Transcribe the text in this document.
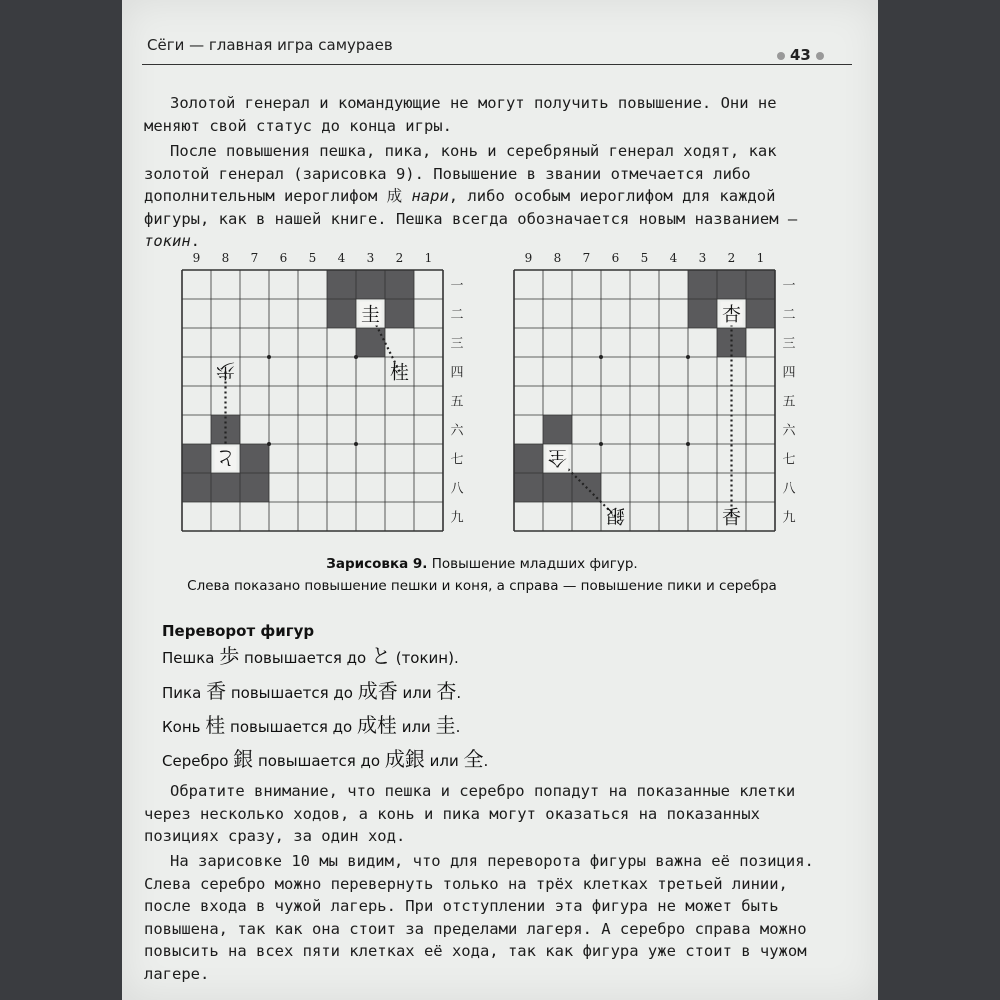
Сёги — главная игра самураев
43

Золотой генерал и командующие не могут получить повышение. Они не меняют свой статус до конца игры.

После повышения пешка, пика, конь и серебряный генерал ходят, как золотой генерал (зарисовка 9). Повышение в звании отмечается либо дополнительным иероглифом 成 нари, либо особым иероглифом для каждой фигуры, как в нашей книге. Пешка всегда обозначается новым названием — токин.

9 8 7 6 5 4 3 2 1
一
二
三
四
五
六
七
八
九
圭
桂
と
歩
9 8 7 6 5 4 3 2 1
一
二
三
四
五
六
七
八
九
杏
香
全
銀
Зарисовка 9. Повышение младших фигур.
Слева показано повышение пешки и коня, а справа — повышение пики и серебра
Переворот фигур
Пешка 歩 повышается до と (токин).
Пика 香 повышается до 成香 или 杏.
Конь 桂 повышается до 成桂 или 圭.
Серебро 銀 повышается до 成銀 или 全.

Обратите внимание, что пешка и серебро попадут на показанные клетки через несколько ходов, а конь и пика могут оказаться на показанных позициях сразу, за один ход.

На зарисовке 10 мы видим, что для переворота фигуры важна её позиция. Слева серебро можно перевернуть только на трёх клетках третьей линии, после входа в чужой лагерь. При отступлении эта фигура не может быть повышена, так как она стоит за пределами лагеря. А серебро справа можно повысить на всех пяти клетках её хода, так как фигура уже стоит в чужом лагере.
